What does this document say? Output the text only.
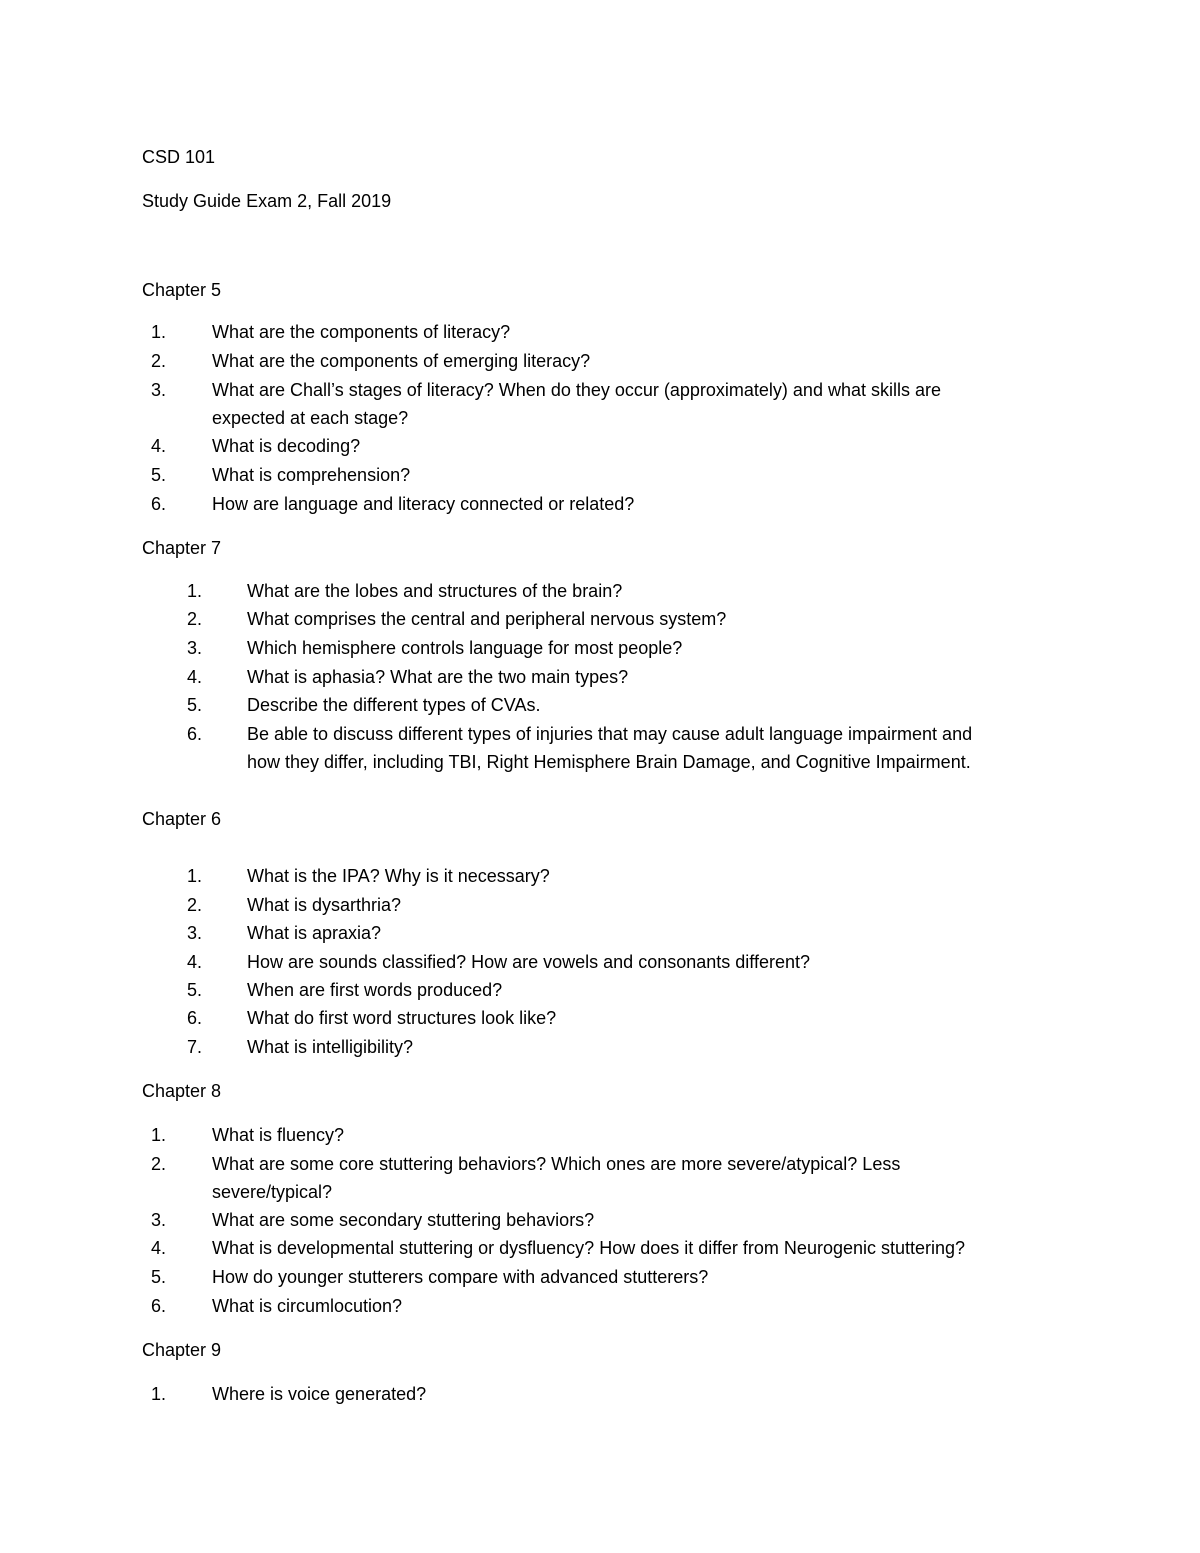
CSD 101
Study Guide Exam 2, Fall 2019
Chapter 5
1.	What are the components of literacy?
2.	What are the components of emerging literacy?
3.	What are Chall’s stages of literacy? When do they occur (approximately) and what skills are
expected at each stage?
4.	What is decoding?
5.	What is comprehension?
6.	How are language and literacy connected or related?
Chapter 7
1.	What are the lobes and structures of the brain?
2.	What comprises the central and peripheral nervous system?
3.	Which hemisphere controls language for most people?
4.	What is aphasia? What are the two main types?
5.	Describe the different types of CVAs.
6.	Be able to discuss different types of injuries that may cause adult language impairment and
how they differ, including TBI, Right Hemisphere Brain Damage, and Cognitive Impairment.
Chapter 6
1.	What is the IPA? Why is it necessary?
2.	What is dysarthria?
3.	What is apraxia?
4.	How are sounds classified? How are vowels and consonants different?
5.	When are first words produced?
6.	What do first word structures look like?
7.	What is intelligibility?
Chapter 8
1.	What is fluency?
2.	What are some core stuttering behaviors? Which ones are more severe/atypical? Less
severe/typical?
3.	What are some secondary stuttering behaviors?
4.	What is developmental stuttering or dysfluency? How does it differ from Neurogenic stuttering?
5.	How do younger stutterers compare with advanced stutterers?
6.	What is circumlocution?
Chapter 9
1.	Where is voice generated?
